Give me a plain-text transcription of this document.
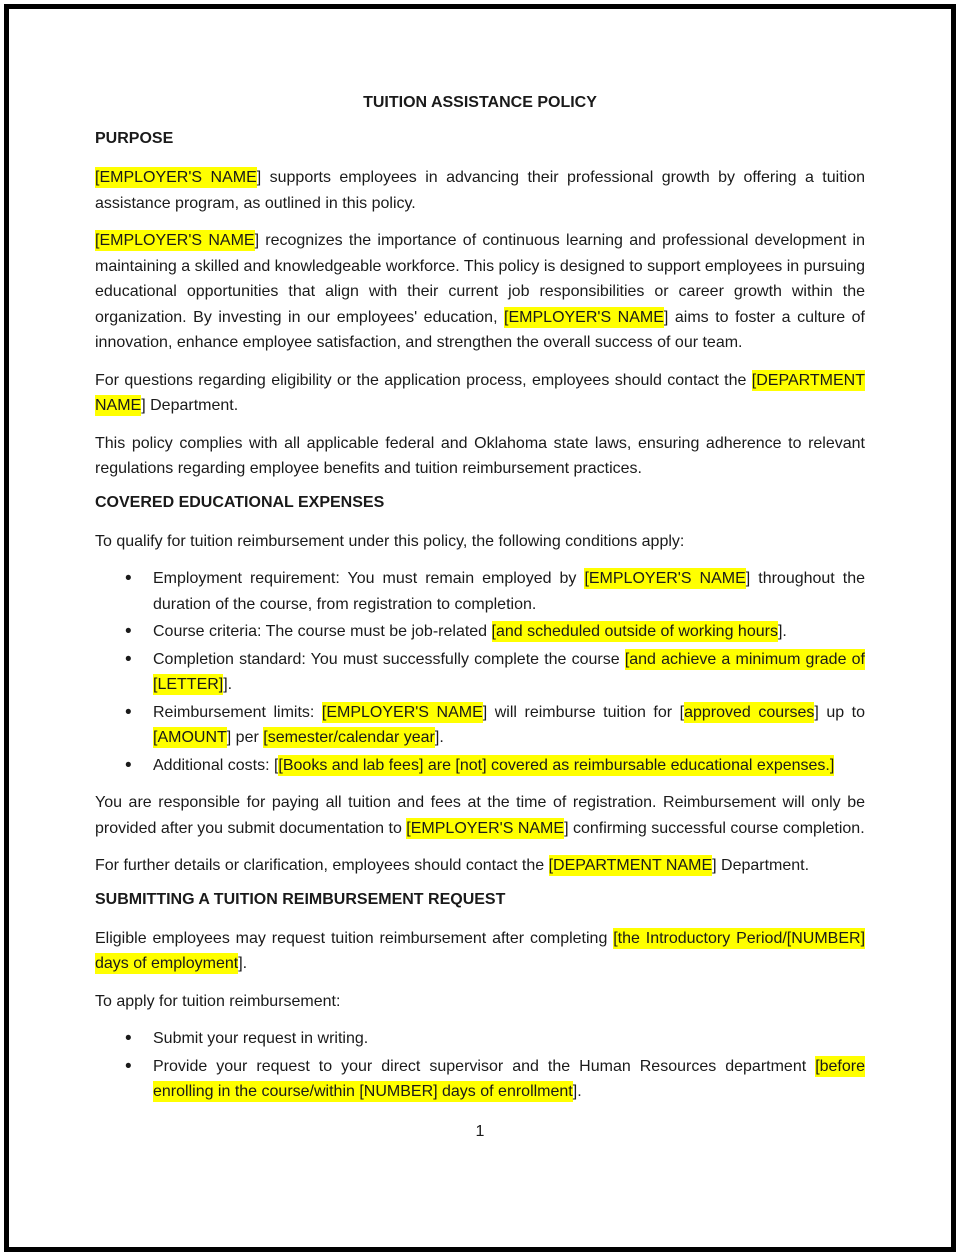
TUITION ASSISTANCE POLICY
PURPOSE

[EMPLOYER'S NAME] supports employees in advancing their professional growth by offering a tuition assistance program, as outlined in this policy.

[EMPLOYER'S NAME] recognizes the importance of continuous learning and professional development in maintaining a skilled and knowledgeable workforce. This policy is designed to support employees in pursuing educational opportunities that align with their current job responsibilities or career growth within the organization. By investing in our employees' education, [EMPLOYER'S NAME] aims to foster a culture of innovation, enhance employee satisfaction, and strengthen the overall success of our team.

For questions regarding eligibility or the application process, employees should contact the [DEPARTMENT NAME] Department.

This policy complies with all applicable federal and Oklahoma state laws, ensuring adherence to relevant regulations regarding employee benefits and tuition reimbursement practices.

COVERED EDUCATIONAL EXPENSES

To qualify for tuition reimbursement under this policy, the following conditions apply:

• Employment requirement: You must remain employed by [EMPLOYER'S NAME] throughout the duration of the course, from registration to completion.
• Course criteria: The course must be job-related [and scheduled outside of working hours].
• Completion standard: You must successfully complete the course [and achieve a minimum grade of [LETTER]].
• Reimbursement limits: [EMPLOYER'S NAME] will reimburse tuition for [approved courses] up to [AMOUNT] per [semester/calendar year].
• Additional costs: [[Books and lab fees] are [not] covered as reimbursable educational expenses.]

You are responsible for paying all tuition and fees at the time of registration. Reimbursement will only be provided after you submit documentation to [EMPLOYER'S NAME] confirming successful course completion.

For further details or clarification, employees should contact the [DEPARTMENT NAME] Department.

SUBMITTING A TUITION REIMBURSEMENT REQUEST

Eligible employees may request tuition reimbursement after completing [the Introductory Period/[NUMBER] days of employment].

To apply for tuition reimbursement:

• Submit your request in writing.
• Provide your request to your direct supervisor and the Human Resources department [before enrolling in the course/within [NUMBER] days of enrollment].
1
